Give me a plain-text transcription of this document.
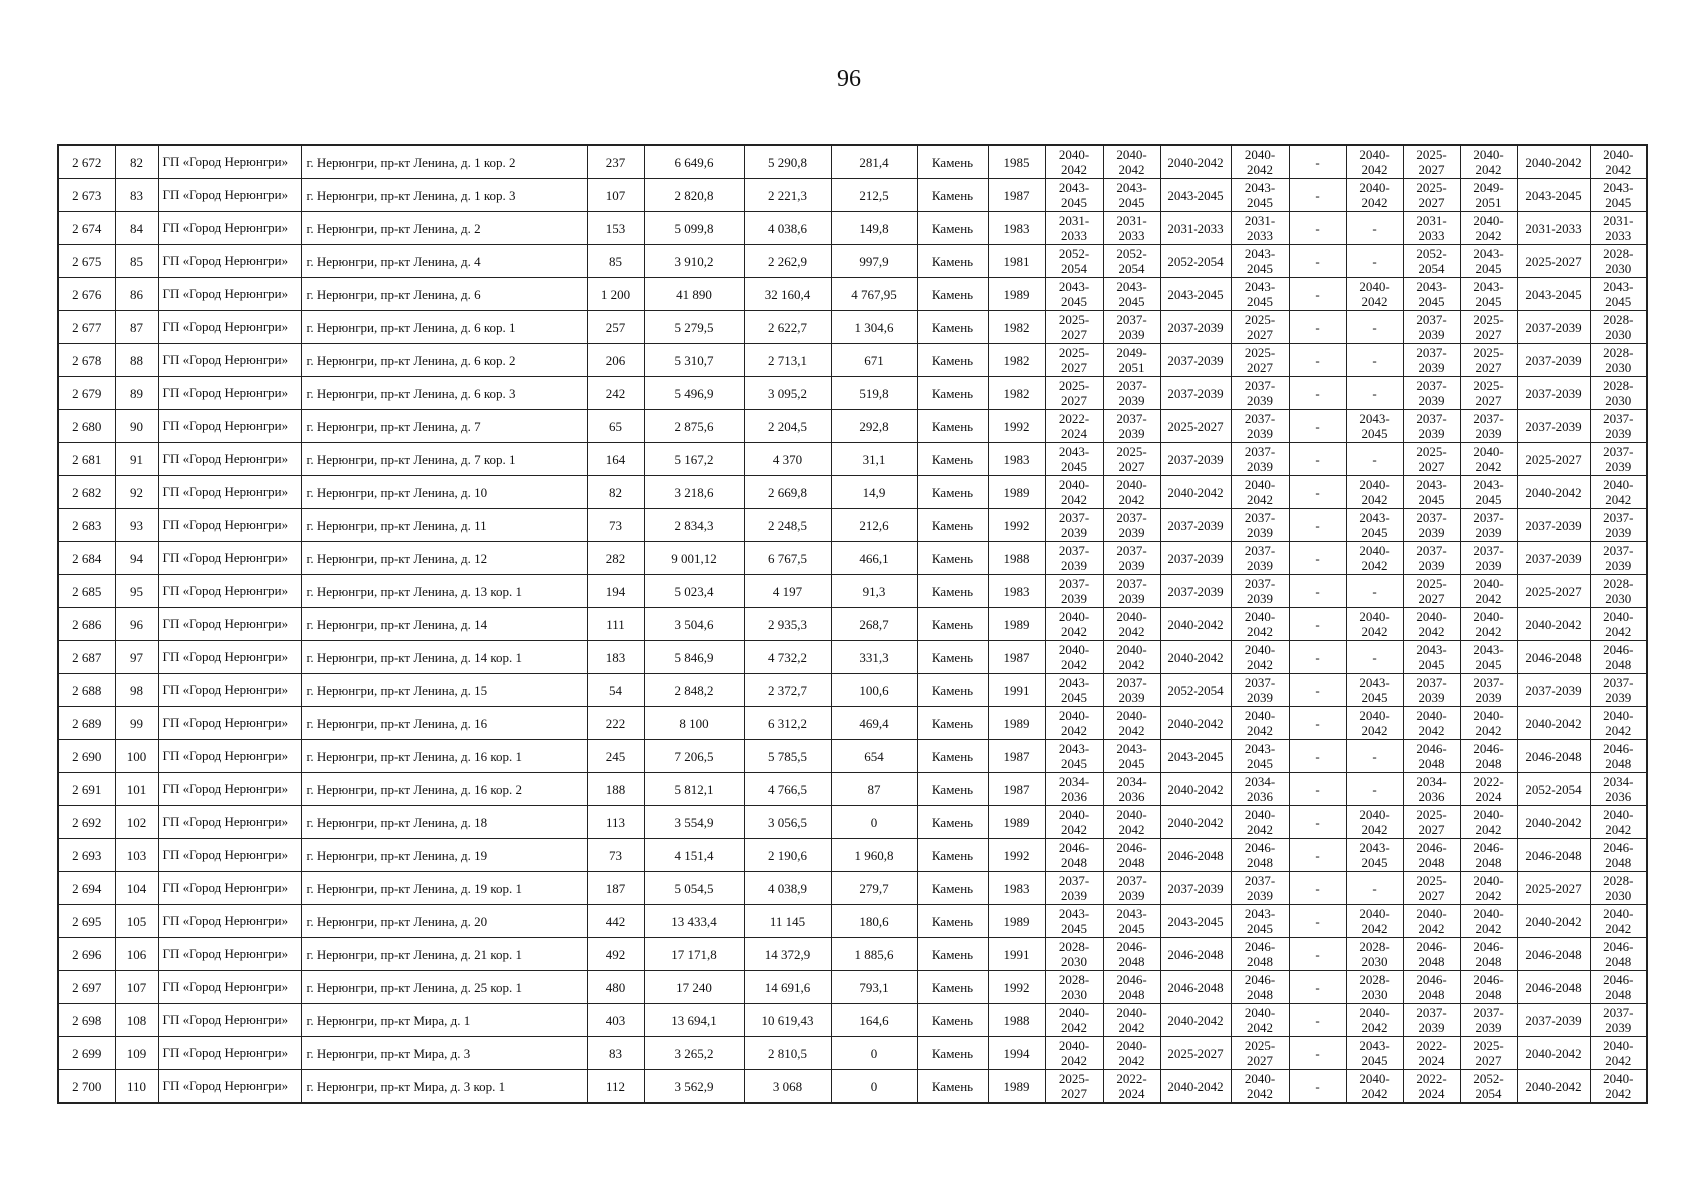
96
2 672	82	ГП «Город Нерюнгри»	г. Нерюнгри, пр-кт Ленина, д. 1 кор. 2	237	6 649,6	5 290,8	281,4	Камень	1985	2040-2042	2040-2042	2040-2042	2040-2042	-	2040-2042	2025-2027	2040-2042	2040-2042	2040-2042
2 673	83	ГП «Город Нерюнгри»	г. Нерюнгри, пр-кт Ленина, д. 1 кор. 3	107	2 820,8	2 221,3	212,5	Камень	1987	2043-2045	2043-2045	2043-2045	2043-2045	-	2040-2042	2025-2027	2049-2051	2043-2045	2043-2045
2 674	84	ГП «Город Нерюнгри»	г. Нерюнгри, пр-кт Ленина, д. 2	153	5 099,8	4 038,6	149,8	Камень	1983	2031-2033	2031-2033	2031-2033	2031-2033	-	-	2031-2033	2040-2042	2031-2033	2031-2033
2 675	85	ГП «Город Нерюнгри»	г. Нерюнгри, пр-кт Ленина, д. 4	85	3 910,2	2 262,9	997,9	Камень	1981	2052-2054	2052-2054	2052-2054	2043-2045	-	-	2052-2054	2043-2045	2025-2027	2028-2030
2 676	86	ГП «Город Нерюнгри»	г. Нерюнгри, пр-кт Ленина, д. 6	1 200	41 890	32 160,4	4 767,95	Камень	1989	2043-2045	2043-2045	2043-2045	2043-2045	-	2040-2042	2043-2045	2043-2045	2043-2045	2043-2045
2 677	87	ГП «Город Нерюнгри»	г. Нерюнгри, пр-кт Ленина, д. 6 кор. 1	257	5 279,5	2 622,7	1 304,6	Камень	1982	2025-2027	2037-2039	2037-2039	2025-2027	-	-	2037-2039	2025-2027	2037-2039	2028-2030
2 678	88	ГП «Город Нерюнгри»	г. Нерюнгри, пр-кт Ленина, д. 6 кор. 2	206	5 310,7	2 713,1	671	Камень	1982	2025-2027	2049-2051	2037-2039	2025-2027	-	-	2037-2039	2025-2027	2037-2039	2028-2030
2 679	89	ГП «Город Нерюнгри»	г. Нерюнгри, пр-кт Ленина, д. 6 кор. 3	242	5 496,9	3 095,2	519,8	Камень	1982	2025-2027	2037-2039	2037-2039	2037-2039	-	-	2037-2039	2025-2027	2037-2039	2028-2030
2 680	90	ГП «Город Нерюнгри»	г. Нерюнгри, пр-кт Ленина, д. 7	65	2 875,6	2 204,5	292,8	Камень	1992	2022-2024	2037-2039	2025-2027	2037-2039	-	2043-2045	2037-2039	2037-2039	2037-2039	2037-2039
2 681	91	ГП «Город Нерюнгри»	г. Нерюнгри, пр-кт Ленина, д. 7 кор. 1	164	5 167,2	4 370	31,1	Камень	1983	2043-2045	2025-2027	2037-2039	2037-2039	-	-	2025-2027	2040-2042	2025-2027	2037-2039
2 682	92	ГП «Город Нерюнгри»	г. Нерюнгри, пр-кт Ленина, д. 10	82	3 218,6	2 669,8	14,9	Камень	1989	2040-2042	2040-2042	2040-2042	2040-2042	-	2040-2042	2043-2045	2043-2045	2040-2042	2040-2042
2 683	93	ГП «Город Нерюнгри»	г. Нерюнгри, пр-кт Ленина, д. 11	73	2 834,3	2 248,5	212,6	Камень	1992	2037-2039	2037-2039	2037-2039	2037-2039	-	2043-2045	2037-2039	2037-2039	2037-2039	2037-2039
2 684	94	ГП «Город Нерюнгри»	г. Нерюнгри, пр-кт Ленина, д. 12	282	9 001,12	6 767,5	466,1	Камень	1988	2037-2039	2037-2039	2037-2039	2037-2039	-	2040-2042	2037-2039	2037-2039	2037-2039	2037-2039
2 685	95	ГП «Город Нерюнгри»	г. Нерюнгри, пр-кт Ленина, д. 13 кор. 1	194	5 023,4	4 197	91,3	Камень	1983	2037-2039	2037-2039	2037-2039	2037-2039	-	-	2025-2027	2040-2042	2025-2027	2028-2030
2 686	96	ГП «Город Нерюнгри»	г. Нерюнгри, пр-кт Ленина, д. 14	111	3 504,6	2 935,3	268,7	Камень	1989	2040-2042	2040-2042	2040-2042	2040-2042	-	2040-2042	2040-2042	2040-2042	2040-2042	2040-2042
2 687	97	ГП «Город Нерюнгри»	г. Нерюнгри, пр-кт Ленина, д. 14 кор. 1	183	5 846,9	4 732,2	331,3	Камень	1987	2040-2042	2040-2042	2040-2042	2040-2042	-	-	2043-2045	2043-2045	2046-2048	2046-2048
2 688	98	ГП «Город Нерюнгри»	г. Нерюнгри, пр-кт Ленина, д. 15	54	2 848,2	2 372,7	100,6	Камень	1991	2043-2045	2037-2039	2052-2054	2037-2039	-	2043-2045	2037-2039	2037-2039	2037-2039	2037-2039
2 689	99	ГП «Город Нерюнгри»	г. Нерюнгри, пр-кт Ленина, д. 16	222	8 100	6 312,2	469,4	Камень	1989	2040-2042	2040-2042	2040-2042	2040-2042	-	2040-2042	2040-2042	2040-2042	2040-2042	2040-2042
2 690	100	ГП «Город Нерюнгри»	г. Нерюнгри, пр-кт Ленина, д. 16 кор. 1	245	7 206,5	5 785,5	654	Камень	1987	2043-2045	2043-2045	2043-2045	2043-2045	-	-	2046-2048	2046-2048	2046-2048	2046-2048
2 691	101	ГП «Город Нерюнгри»	г. Нерюнгри, пр-кт Ленина, д. 16 кор. 2	188	5 812,1	4 766,5	87	Камень	1987	2034-2036	2034-2036	2040-2042	2034-2036	-	-	2034-2036	2022-2024	2052-2054	2034-2036
2 692	102	ГП «Город Нерюнгри»	г. Нерюнгри, пр-кт Ленина, д. 18	113	3 554,9	3 056,5	0	Камень	1989	2040-2042	2040-2042	2040-2042	2040-2042	-	2040-2042	2025-2027	2040-2042	2040-2042	2040-2042
2 693	103	ГП «Город Нерюнгри»	г. Нерюнгри, пр-кт Ленина, д. 19	73	4 151,4	2 190,6	1 960,8	Камень	1992	2046-2048	2046-2048	2046-2048	2046-2048	-	2043-2045	2046-2048	2046-2048	2046-2048	2046-2048
2 694	104	ГП «Город Нерюнгри»	г. Нерюнгри, пр-кт Ленина, д. 19 кор. 1	187	5 054,5	4 038,9	279,7	Камень	1983	2037-2039	2037-2039	2037-2039	2037-2039	-	-	2025-2027	2040-2042	2025-2027	2028-2030
2 695	105	ГП «Город Нерюнгри»	г. Нерюнгри, пр-кт Ленина, д. 20	442	13 433,4	11 145	180,6	Камень	1989	2043-2045	2043-2045	2043-2045	2043-2045	-	2040-2042	2040-2042	2040-2042	2040-2042	2040-2042
2 696	106	ГП «Город Нерюнгри»	г. Нерюнгри, пр-кт Ленина, д. 21 кор. 1	492	17 171,8	14 372,9	1 885,6	Камень	1991	2028-2030	2046-2048	2046-2048	2046-2048	-	2028-2030	2046-2048	2046-2048	2046-2048	2046-2048
2 697	107	ГП «Город Нерюнгри»	г. Нерюнгри, пр-кт Ленина, д. 25 кор. 1	480	17 240	14 691,6	793,1	Камень	1992	2028-2030	2046-2048	2046-2048	2046-2048	-	2028-2030	2046-2048	2046-2048	2046-2048	2046-2048
2 698	108	ГП «Город Нерюнгри»	г. Нерюнгри, пр-кт Мира, д. 1	403	13 694,1	10 619,43	164,6	Камень	1988	2040-2042	2040-2042	2040-2042	2040-2042	-	2040-2042	2037-2039	2037-2039	2037-2039	2037-2039
2 699	109	ГП «Город Нерюнгри»	г. Нерюнгри, пр-кт Мира, д. 3	83	3 265,2	2 810,5	0	Камень	1994	2040-2042	2040-2042	2025-2027	2025-2027	-	2043-2045	2022-2024	2025-2027	2040-2042	2040-2042
2 700	110	ГП «Город Нерюнгри»	г. Нерюнгри, пр-кт Мира, д. 3 кор. 1	112	3 562,9	3 068	0	Камень	1989	2025-2027	2022-2024	2040-2042	2040-2042	-	2040-2042	2022-2024	2052-2054	2040-2042	2040-2042
